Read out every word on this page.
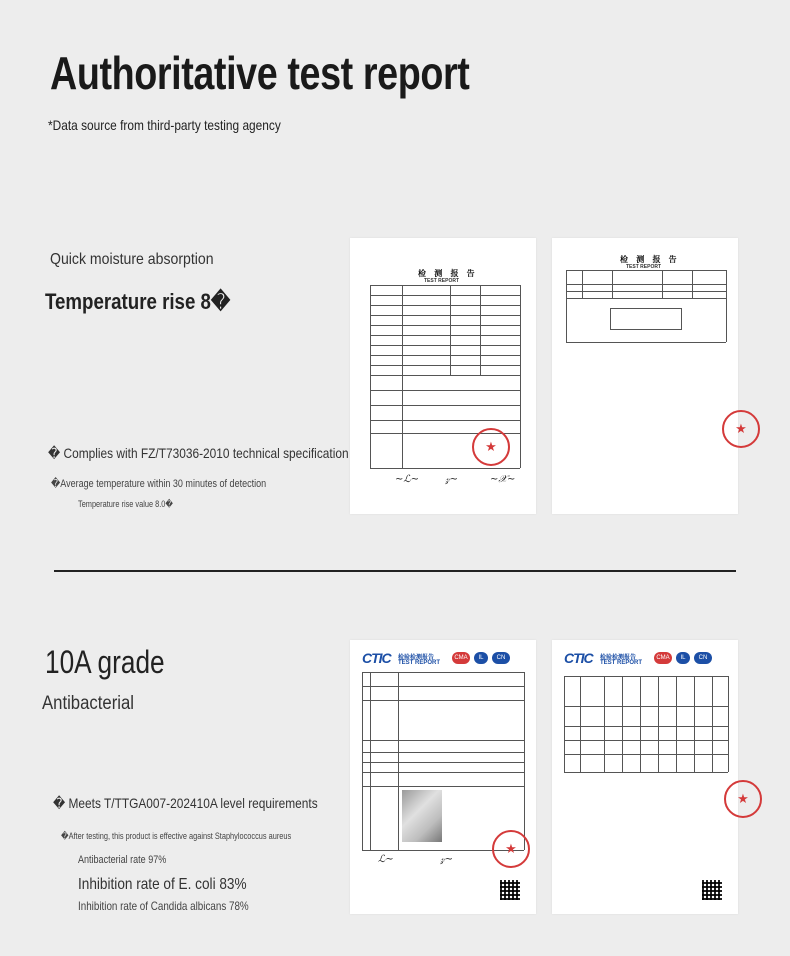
Authoritative test report
*Data source from third-party testing agency
Quick moisture absorption
Temperature rise 8�
� Complies with FZ/T73036-2010 technical specification
�Average temperature within 30 minutes of detection
Temperature rise value 8.0�
检 测 报 告
TEST REPORT
★
∼ℒ∼	𝓏∼	∼𝒳∼
检 测 报 告
TEST REPORT
★
10A grade
Antibacterial
� Meets T/TTGA007-202410A level requirements
�After testing, this product is effective against Staphylococcus aureus
Antibacterial rate 97%
Inhibition rate of E. coli 83%
Inhibition rate of Candida albicans 78%
CTIC 检验检测报告
TEST REPORT
CMA	IL	CN
★
ℒ∼	𝓏∼
CTIC 检验检测报告
TEST REPORT
CMA	IL	CN
★
